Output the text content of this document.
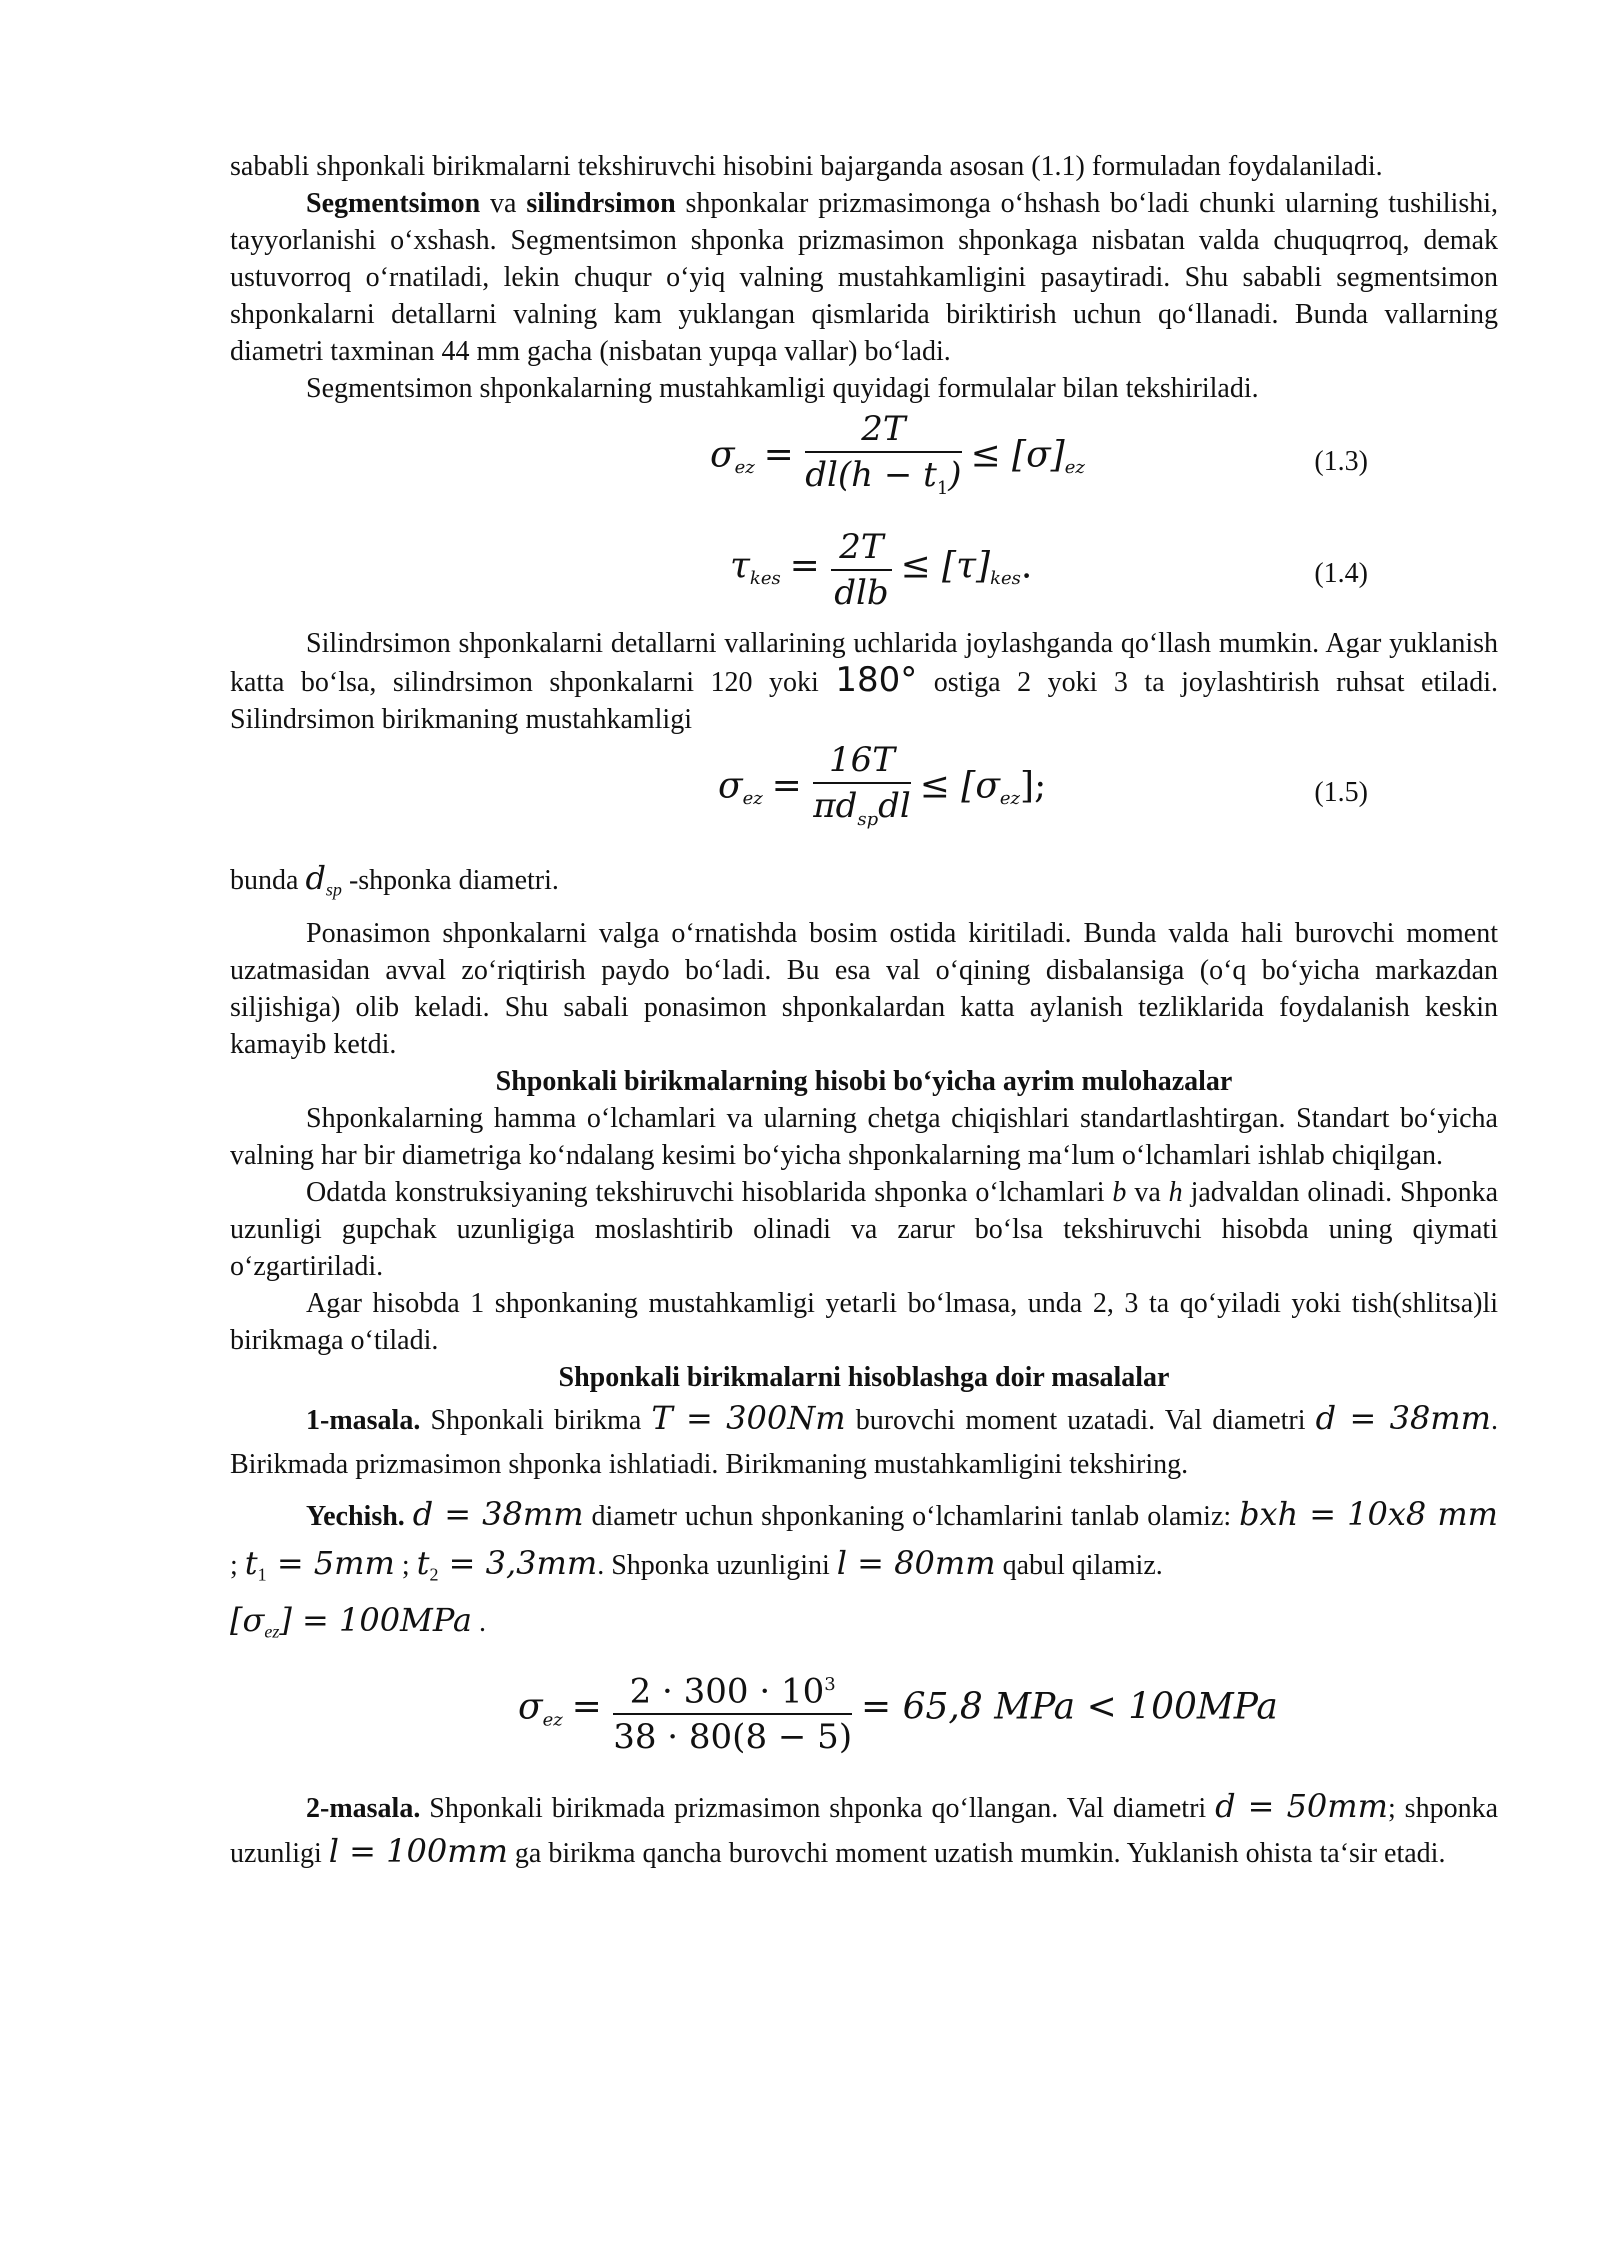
sababli shponkali birikmalarni tekshiruvchi hisobini bajarganda asosan (1.1) formuladan foydalaniladi.

Segmentsimon va silindrsimon shponkalar prizmasimonga o‘hshash bo‘ladi chunki ularning tushilishi, tayyorlanishi o‘xshash. Segmentsimon shponka prizmasimon shponkaga nisbatan valda chuquqrroq, demak ustuvorroq o‘rnatiladi, lekin chuqur o‘yiq valning mustahkamligini pasaytiradi. Shu sababli segmentsimon shponkalarni detallarni valning kam yuklangan qismlarida biriktirish uchun qo‘llanadi. Bunda vallarning diametri taxminan 44 mm gacha (nisbatan yupqa vallar) bo‘ladi.

Segmentsimon shponkalarning mustahkamligi quyidagi formulalar bilan tekshiriladi.

$\sigma_{ez} = \frac{2T}{dl(h - t_1)} \le [\sigma]_{ez}$	(1.3)
$\tau_{kes} = \frac{2T}{\text{dlb}} \le [\tau]_{kes}$.	(1.4)

Silindrsimon shponkalarni detallarni vallarining uchlarida joylashganda qo‘llash mumkin. Agar yuklanish katta bo‘lsa, silindrsimon shponkalarni 120 yoki 180° ostiga 2 yoki 3 ta joylashtirish ruhsat etiladi. Silindrsimon birikmaning mustahkamligi

$\sigma_{ez} = \frac{16T}{\pi d_{sp}dl} \le [\sigma_{ez}]$;	(1.5)

bunda $d_{sp}$ -shponka diametri.

Ponasimon shponkalarni valga o‘rnatishda bosim ostida kiritiladi. Bunda valda hali burovchi moment uzatmasidan avval zo‘riqtirish paydo bo‘ladi. Bu esa val o‘qining disbalansiga (o‘q bo‘yicha markazdan siljishiga) olib keladi. Shu sabali ponasimon shponkalardan katta aylanish tezliklarida foydalanish keskin kamayib ketdi.

Shponkali birikmalarning hisobi bo‘yicha ayrim mulohazalar

Shponkalarning hamma o‘lchamlari va ularning chetga chiqishlari standartlashtirgan. Standart bo‘yicha valning har bir diametriga ko‘ndalang kesimi bo‘yicha shponkalarning ma‘lum o‘lchamlari ishlab chiqilgan.

Odatda konstruksiyaning tekshiruvchi hisoblarida shponka o‘lchamlari b va h jadvaldan olinadi. Shponka uzunligi gupchak uzunligiga moslashtirib olinadi va zarur bo‘lsa tekshiruvchi hisobda uning qiymati o‘zgartiriladi.

Agar hisobda 1 shponkaning mustahkamligi yetarli bo‘lmasa, unda 2, 3 ta qo‘yiladi yoki tish(shlitsa)li birikmaga o‘tiladi.

Shponkali birikmalarni hisoblashga doir masalalar

1-masala. Shponkali birikma T = 300Nm burovchi moment uzatadi. Val diametri d = 38mm. Birikmada prizmasimon shponka ishlatiadi. Birikmaning mustahkamligini tekshiring.

Yechish. d = 38mm diametr uchun shponkaning o‘lchamlarini tanlab olamiz: bxh = 10x8 mm ; $t_1 = 5mm$ ; $t_2 = 3,3mm$. Shponka uzunligini l = 80mm qabul qilamiz.
$[\sigma_{ez}] = 100MPa$ .

$\sigma_{ez} = \frac{2 \cdot 300 \cdot 10^3}{38 \cdot 80(8 - 5)} = 65,8$ MPa < 100MPa

2-masala. Shponkali birikmada prizmasimon shponka qo‘llangan. Val diametri d = 50mm; shponka uzunligi l = 100mm ga birikma qancha burovchi moment uzatish mumkin. Yuklanish ohista ta‘sir etadi.
